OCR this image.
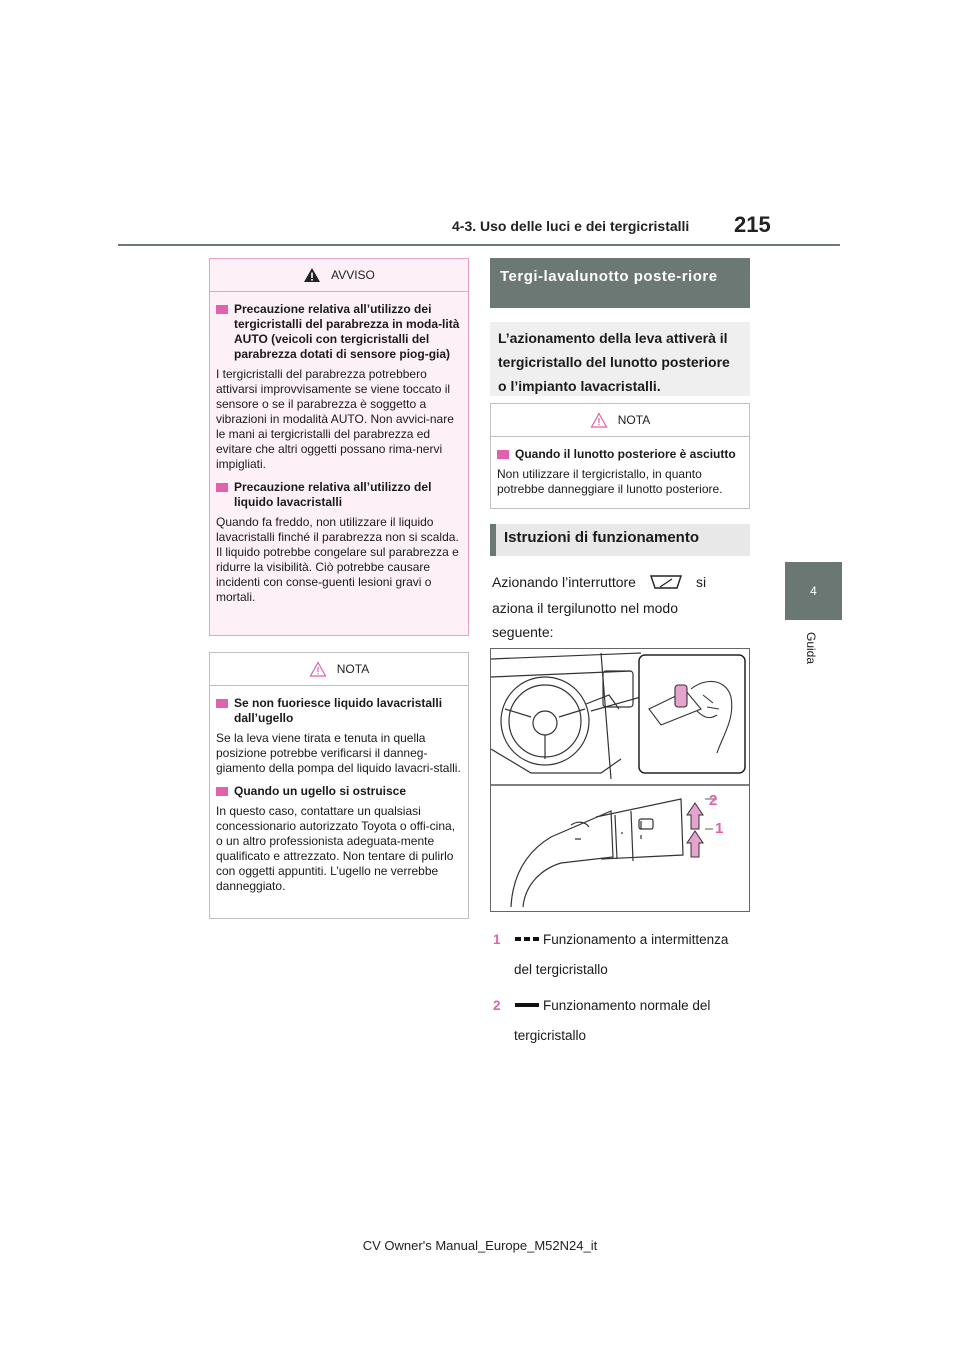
4-3. Uso delle luci e dei tergicristalli 215
4
Guida
AVVISO
Precauzione relativa all’utilizzo dei tergicristalli del parabrezza in moda-lità AUTO (veicoli con tergicristalli del parabrezza dotati di sensore piog-gia)
I tergicristalli del parabrezza potrebbero attivarsi improvvisamente se viene toccato il sensore o se il parabrezza è soggetto a vibrazioni in modalità AUTO. Non avvici-nare le mani ai tergicristalli del parabrezza ed evitare che altri oggetti possano rima-nervi impigliati.
Precauzione relativa all’utilizzo del liquido lavacristalli
Quando fa freddo, non utilizzare il liquido lavacristalli finché il parabrezza non si scalda. Il liquido potrebbe congelare sul parabrezza e ridurre la visibilità. Ciò potrebbe causare incidenti con conse-guenti lesioni gravi o mortali.
NOTA
Se non fuoriesce liquido lavacristalli dall’ugello
Se la leva viene tirata e tenuta in quella posizione potrebbe verificarsi il danneg-giamento della pompa del liquido lavacri-stalli.
Quando un ugello si ostruisce
In questo caso, contattare un qualsiasi concessionario autorizzato Toyota o offi-cina, o un altro professionista adeguata-mente qualificato e attrezzato. Non tentare di pulirlo con oggetti appuntiti. L’ugello ne verrebbe danneggiato.
Tergi-lavalunotto poste-riore
L’azionamento della leva attiverà il tergicristallo del lunotto posteriore o l’impianto lavacristalli.
NOTA
Quando il lunotto posteriore è asciutto
Non utilizzare il tergicristallo, in quanto potrebbe danneggiare il lunotto posteriore.
Istruzioni di funzionamento
Azionando l’interruttore	si
aziona il tergilunotto nel modo
seguente:
2
1
1	Funzionamento a intermittenza
del tergicristallo
2	Funzionamento normale del
tergicristallo
CV Owner's Manual_Europe_M52N24_it
